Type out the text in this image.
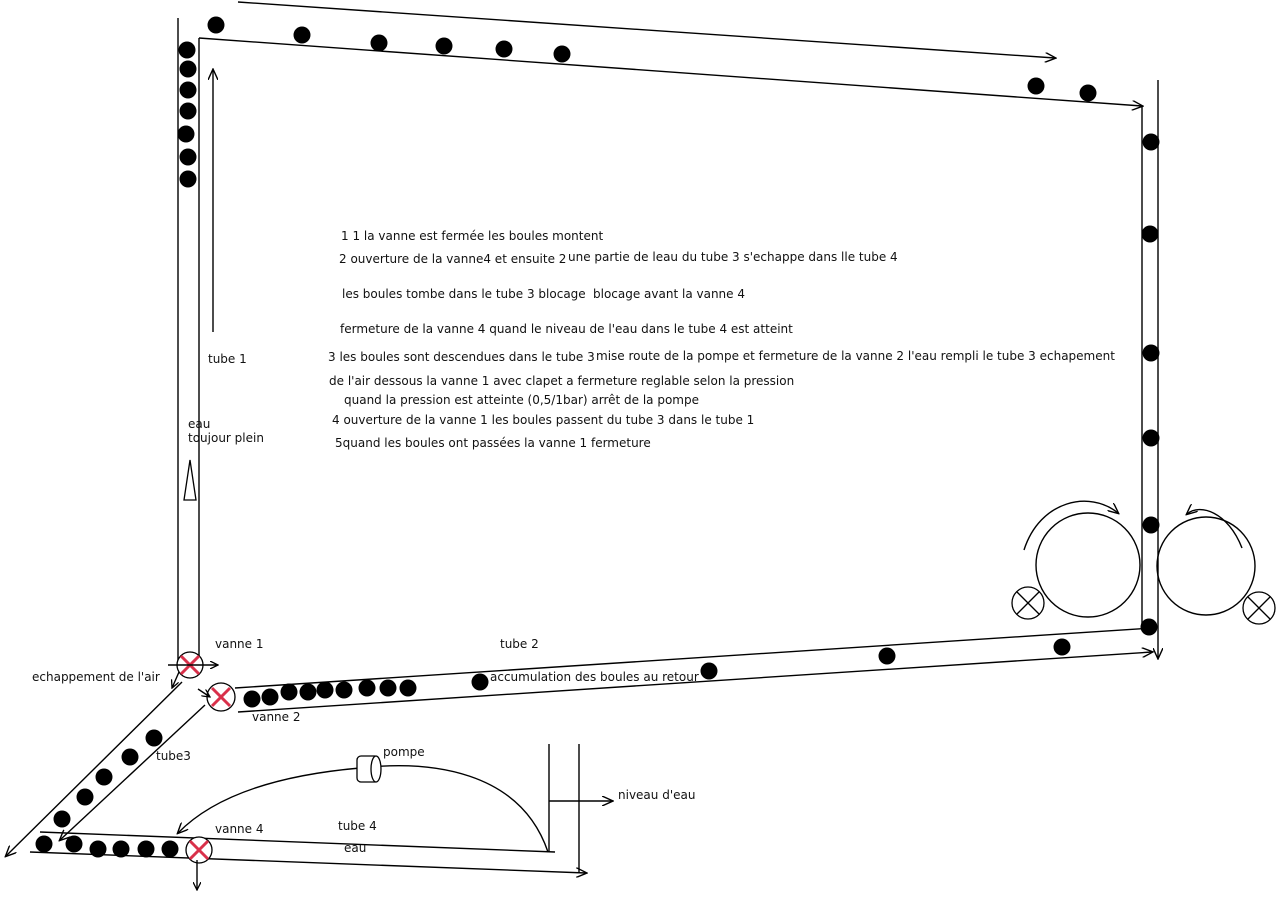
tube 1
eau
toujour plein
vanne 1	tube 2
echappement de l'air	accumulation des boules au retour
vanne 2
tube3	pompe
niveau d'eau
vanne 4	tube 4
eau
1 1 la vanne est fermée les boules montent
2 ouverture de la vanne4 et ensuite 2 une partie de leau du tube 3 s'echappe dans lle tube 4
les boules tombe dans le tube 3 blocage blocage avant la vanne 4
fermeture de la vanne 4 quand le niveau de l'eau dans le tube 4 est atteint
3 les boules sont descendues dans le tube 3 mise route de la pompe et fermeture de la vanne 2 l'eau rempli le tube 3 echapement
de l'air dessous la vanne 1 avec clapet a fermeture reglable selon la pression
quand la pression est atteinte (0,5/1bar) arrêt de la pompe
4 ouverture de la vanne 1 les boules passent du tube 3 dans le tube 1
5quand les boules ont passées la vanne 1 fermeture
